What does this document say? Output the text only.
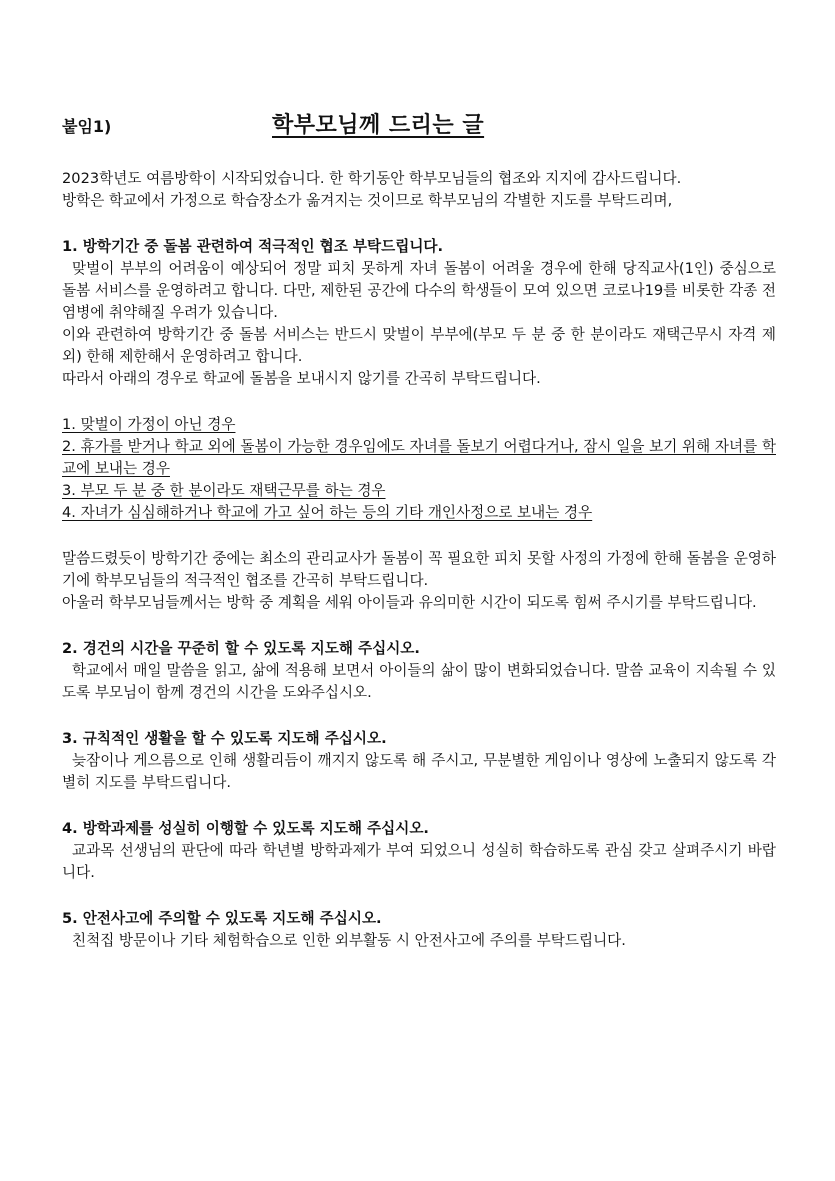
붙임1)	학부모님께 드리는 글

2023학년도 여름방학이 시작되었습니다. 한 학기동안 학부모님들의 협조와 지지에 감사드립니다.

방학은 학교에서 가정으로 학습장소가 옮겨지는 것이므로 학부모님의 각별한 지도를 부탁드리며,

1. 방학기간 중 돌봄 관련하여 적극적인 협조 부탁드립니다.

맞벌이 부부의 어려움이 예상되어 정말 피치 못하게 자녀 돌봄이 어려울 경우에 한해 당직교사(1인) 중심으로 돌봄 서비스를 운영하려고 합니다. 다만, 제한된 공간에 다수의 학생들이 모여 있으면 코로나19를 비롯한 각종 전염병에 취약해질 우려가 있습니다.

이와 관련하여 방학기간 중 돌봄 서비스는 반드시 맞벌이 부부에(부모 두 분 중 한 분이라도 재택근무시 자격 제외) 한해 제한해서 운영하려고 합니다.

따라서 아래의 경우로 학교에 돌봄을 보내시지 않기를 간곡히 부탁드립니다.

1. 맞벌이 가정이 아닌 경우

2. 휴가를 받거나 학교 외에 돌봄이 가능한 경우임에도 자녀를 돌보기 어렵다거나, 잠시 일을 보기 위해 자녀를 학교에 보내는 경우

3. 부모 두 분 중 한 분이라도 재택근무를 하는 경우

4. 자녀가 심심해하거나 학교에 가고 싶어 하는 등의 기타 개인사정으로 보내는 경우

말씀드렸듯이 방학기간 중에는 최소의 관리교사가 돌봄이 꼭 필요한 피치 못할 사정의 가정에 한해 돌봄을 운영하기에 학부모님들의 적극적인 협조를 간곡히 부탁드립니다.

아울러 학부모님들께서는 방학 중 계획을 세워 아이들과 유의미한 시간이 되도록 힘써 주시기를 부탁드립니다.

2. 경건의 시간을 꾸준히 할 수 있도록 지도해 주십시오.

학교에서 매일 말씀을 읽고, 삶에 적용해 보면서 아이들의 삶이 많이 변화되었습니다. 말씀 교육이 지속될 수 있도록 부모님이 함께 경건의 시간을 도와주십시오.

3. 규칙적인 생활을 할 수 있도록 지도해 주십시오.

늦잠이나 게으름으로 인해 생활리듬이 깨지지 않도록 해 주시고, 무분별한 게임이나 영상에 노출되지 않도록 각별히 지도를 부탁드립니다.

4. 방학과제를 성실히 이행할 수 있도록 지도해 주십시오.

교과목 선생님의 판단에 따라 학년별 방학과제가 부여 되었으니 성실히 학습하도록 관심 갖고 살펴주시기 바랍니다.

5. 안전사고에 주의할 수 있도록 지도해 주십시오.

친척집 방문이나 기타 체험학습으로 인한 외부활동 시 안전사고에 주의를 부탁드립니다.
